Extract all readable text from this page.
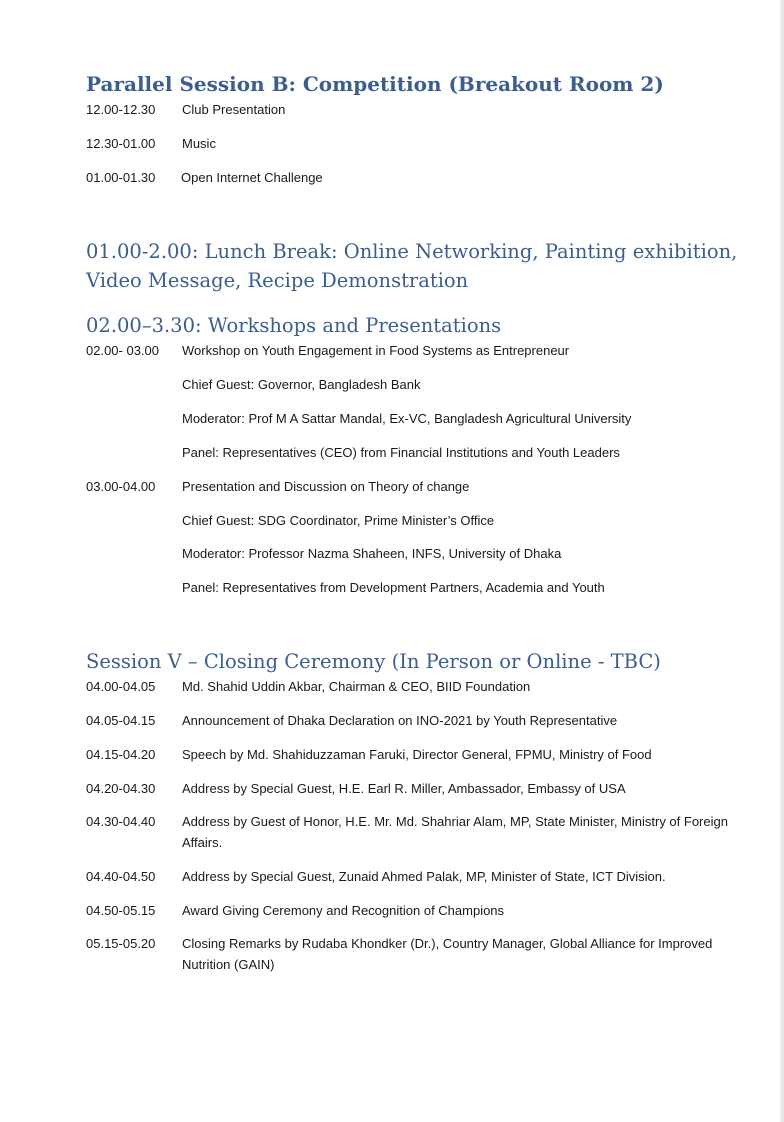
Parallel Session B: Competition (Breakout Room 2)
12.00-12.30	Club Presentation
12.30-01.00	Music
01.00-01.30	Open Internet Challenge
01.00-2.00: Lunch Break: Online Networking, Painting exhibition,
Video Message, Recipe Demonstration
02.00–3.30: Workshops and Presentations
02.00- 03.00	Workshop on Youth Engagement in Food Systems as Entrepreneur
Chief Guest: Governor, Bangladesh Bank
Moderator: Prof M A Sattar Mandal, Ex-VC, Bangladesh Agricultural University
Panel: Representatives (CEO) from Financial Institutions and Youth Leaders
03.00-04.00	Presentation and Discussion on Theory of change
Chief Guest: SDG Coordinator, Prime Minister’s Office
Moderator: Professor Nazma Shaheen, INFS, University of Dhaka
Panel: Representatives from Development Partners, Academia and Youth
Session V – Closing Ceremony (In Person or Online - TBC)
04.00-04.05	Md. Shahid Uddin Akbar, Chairman & CEO, BIID Foundation
04.05-04.15	Announcement of Dhaka Declaration on INO-2021 by Youth Representative
04.15-04.20	Speech by Md. Shahiduzzaman Faruki, Director General, FPMU, Ministry of Food
04.20-04.30	Address by Special Guest, H.E. Earl R. Miller, Ambassador, Embassy of USA
04.30-04.40	Address by Guest of Honor, H.E. Mr. Md. Shahriar Alam, MP, State Minister, Ministry of Foreign Affairs.
04.40-04.50	Address by Special Guest, Zunaid Ahmed Palak, MP, Minister of State, ICT Division.
04.50-05.15	Award Giving Ceremony and Recognition of Champions
05.15-05.20	Closing Remarks by Rudaba Khondker (Dr.), Country Manager, Global Alliance for Improved Nutrition (GAIN)
